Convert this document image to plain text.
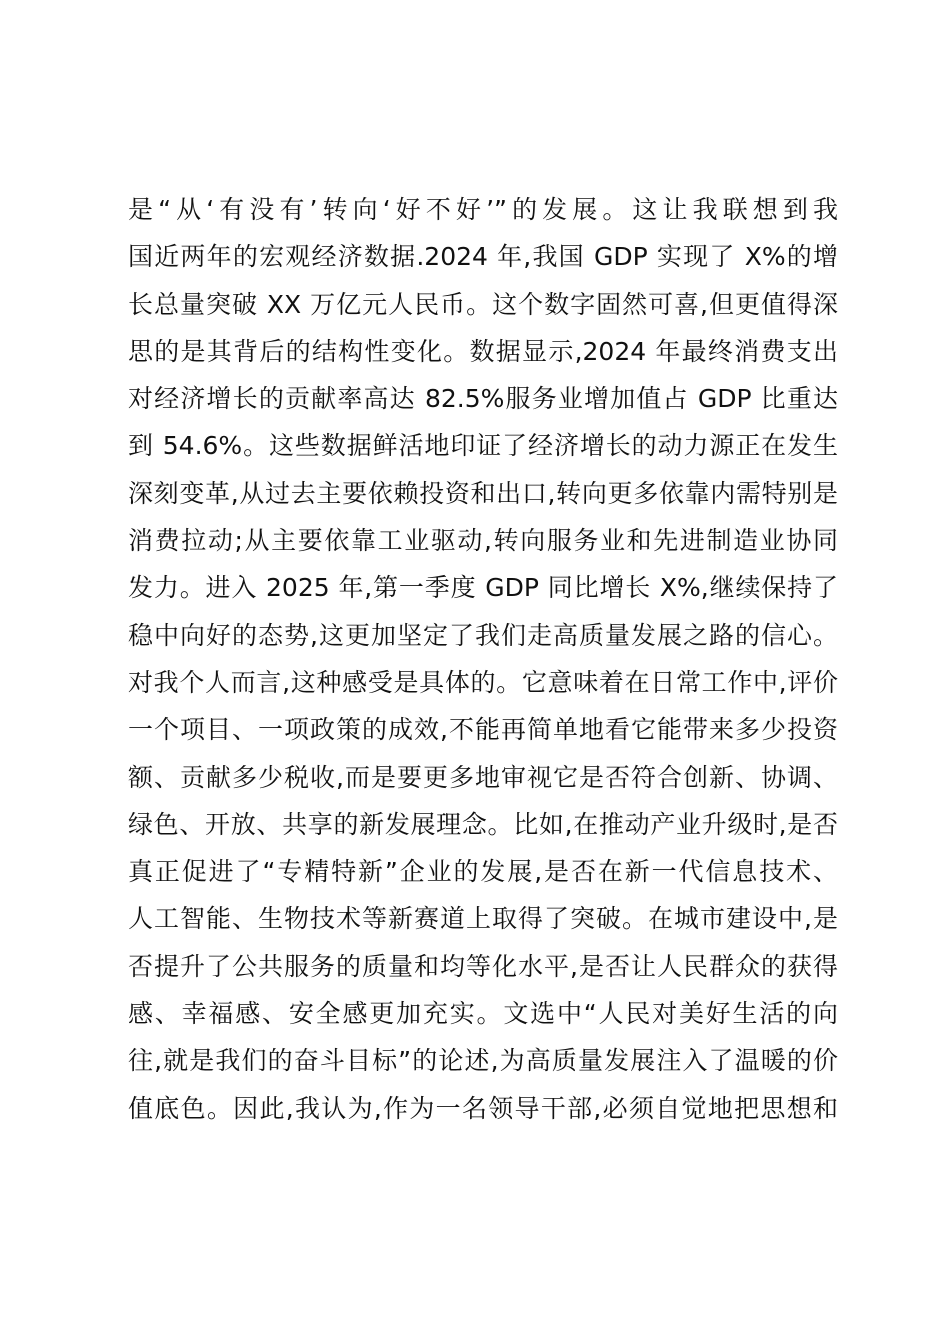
是“从‘有没有’转向‘好不好’”的发展。这让我联想到我
国近两年的宏观经济数据.2024 年,我国 GDP 实现了 X%的增
长总量突破 XX 万亿元人民币。这个数字固然可喜,但更值得深
思的是其背后的结构性变化。数据显示,2024 年最终消费支出
对经济增长的贡献率高达 82.5%服务业增加值占 GDP 比重达
到 54.6%。这些数据鲜活地印证了经济增长的动力源正在发生
深刻变革,从过去主要依赖投资和出口,转向更多依靠内需特别是
消费拉动;从主要依靠工业驱动,转向服务业和先进制造业协同
发力。进入 2025 年,第一季度 GDP 同比增长 X%,继续保持了
稳中向好的态势,这更加坚定了我们走高质量发展之路的信心。
对我个人而言,这种感受是具体的。它意味着在日常工作中,评价
一个项目、一项政策的成效,不能再简单地看它能带来多少投资
额、贡献多少税收,而是要更多地审视它是否符合创新、协调、
绿色、开放、共享的新发展理念。比如,在推动产业升级时,是否
真正促进了“专精特新”企业的发展,是否在新一代信息技术、
人工智能、生物技术等新赛道上取得了突破。在城市建设中,是
否提升了公共服务的质量和均等化水平,是否让人民群众的获得
感、幸福感、安全感更加充实。文选中“人民对美好生活的向
往,就是我们的奋斗目标”的论述,为高质量发展注入了温暖的价
值底色。因此,我认为,作为一名领导干部,必须自觉地把思想和
